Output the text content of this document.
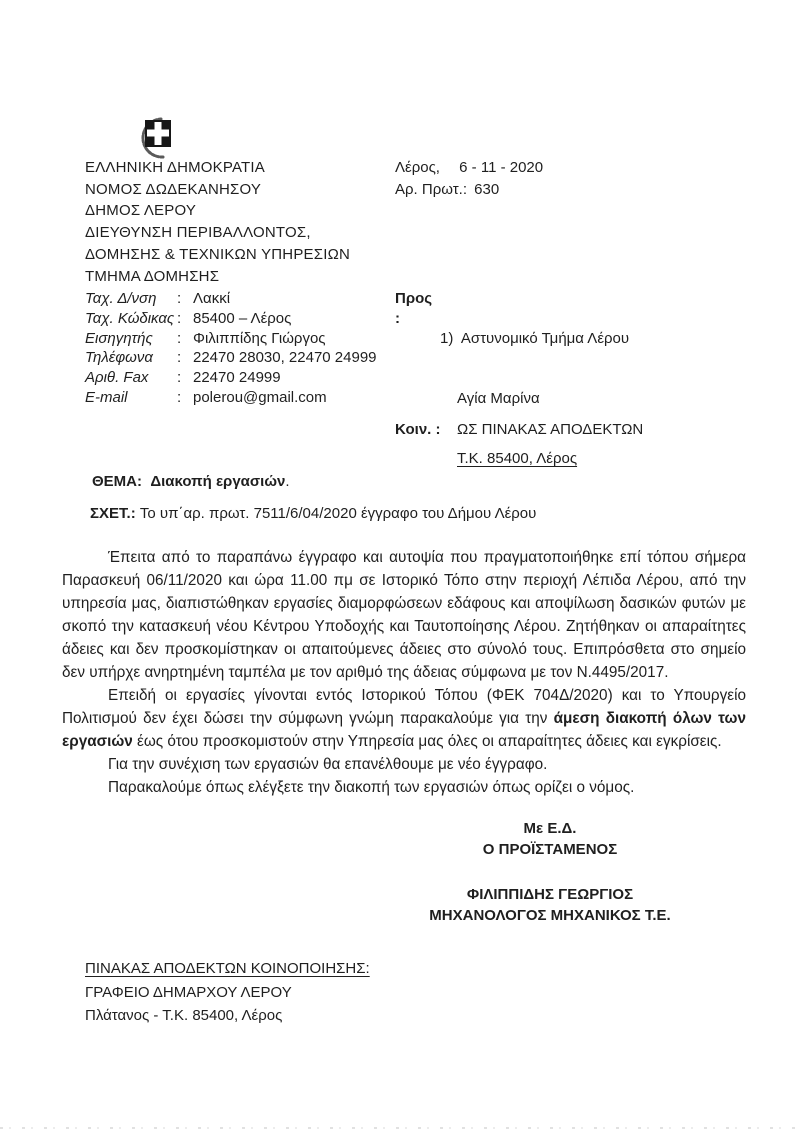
ΕΛΛΗΝΙΚΗ ΔΗΜΟΚΡΑΤΙΑ
ΝΟΜΟΣ ΔΩΔΕΚΑΝΗΣΟΥ
ΔΗΜΟΣ ΛΕΡΟΥ
ΔΙΕΥΘΥΝΣΗ ΠΕΡΙΒΑΛΛΟΝΤΟΣ,
ΔΟΜΗΣΗΣ & ΤΕΧΝΙΚΩΝ ΥΠΗΡΕΣΙΩΝ
ΤΜΗΜΑ ΔΟΜΗΣΗΣ
Λέρος, 6 - 11 - 2020
Αρ. Πρωτ.: 630
Ταχ. Δ/νση	: Λακκί
Ταχ. Κώδικας : 85400 – Λέρος
Εισηγητής	: Φιλιππίδης Γιώργος
Τηλέφωνα	: 22470 28030, 22470 24999
Αριθ. Fax	: 22470 24999
E-mail	: polerou@gmail.com
Προς :

1)  Αστυνομικό Τμήμα Λέρου

Αγία Μαρίνα

Τ.Κ. 85400, Λέρος

Κοιν. :	ΩΣ ΠΙΝΑΚΑΣ ΑΠΟΔΕΚΤΩΝ
ΘΕΜΑ: Διακοπή εργασιών.
ΣΧΕΤ.: Το υπ΄αρ. πρωτ. 7511/6/04/2020 έγγραφο του Δήμου Λέρου

Έπειτα από το παραπάνω έγγραφο και αυτοψία που πραγματοποιήθηκε επί τόπου σήμερα Παρασκευή 06/11/2020 και ώρα 11.00 πμ σε Ιστορικό Τόπο στην περιοχή Λέπιδα Λέρου, από την υπηρεσία μας, διαπιστώθηκαν εργασίες διαμορφώσεων εδάφους και αποψίλωση δασικών φυτών με σκοπό την κατασκευή νέου Κέντρου Υποδοχής και Ταυτοποίησης Λέρου. Ζητήθηκαν οι απαραίτητες άδειες και δεν προσκομίστηκαν οι απαιτούμενες άδειες στο σύνολό τους. Επιπρόσθετα στο σημείο δεν υπήρχε ανηρτημένη ταμπέλα με τον αριθμό της άδειας σύμφωνα με τον Ν.4495/2017.

Επειδή οι εργασίες γίνονται εντός Ιστορικού Τόπου (ΦΕΚ 704Δ/2020) και το Υπουργείο Πολιτισμού δεν έχει δώσει την σύμφωνη γνώμη παρακαλούμε για την άμεση διακοπή όλων των εργασιών έως ότου προσκομιστούν στην Υπηρεσία μας όλες οι απαραίτητες άδειες και εγκρίσεις.

Για την συνέχιση των εργασιών θα επανέλθουμε με νέο έγγραφο.

Παρακαλούμε όπως ελέγξετε την διακοπή των εργασιών όπως ορίζει ο νόμος.

Με Ε.Δ.
Ο ΠΡΟΪΣΤΑΜΕΝΟΣ
ΦΙΛΙΠΠΙΔΗΣ ΓΕΩΡΓΙΟΣ
ΜΗΧΑΝΟΛΟΓΟΣ ΜΗΧΑΝΙΚΟΣ Τ.Ε.
ΠΙΝΑΚΑΣ ΑΠΟΔΕΚΤΩΝ ΚΟΙΝΟΠΟΙΗΣΗΣ:
ΓΡΑΦΕΙΟ ΔΗΜΑΡΧΟΥ ΛΕΡΟΥ
Πλάτανος - Τ.Κ. 85400, Λέρος
